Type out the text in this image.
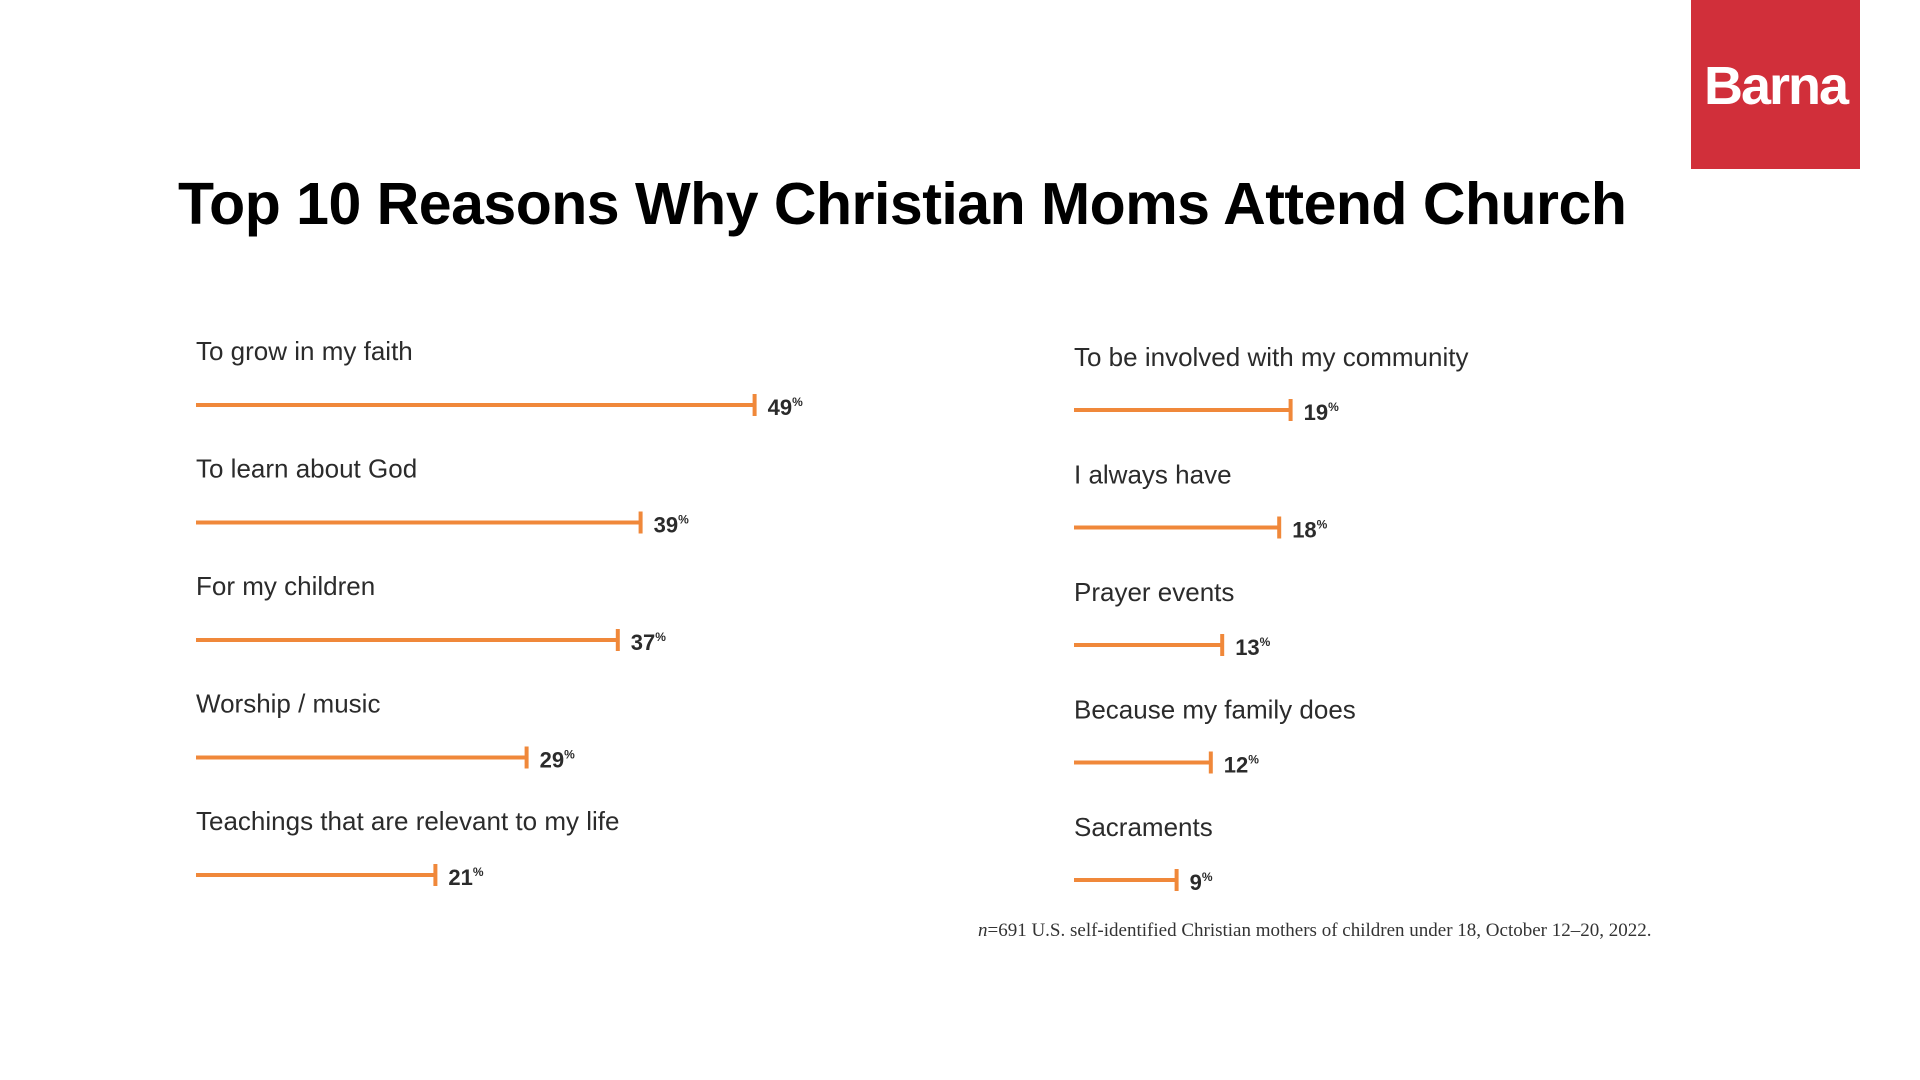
Barna
Top 10 Reasons Why Christian Moms Attend Church
To grow in my faith
49%
To learn about God
39%
For my children
37%
Worship / music
29%
Teachings that are relevant to my life
21%
To be involved with my community
19%
I always have
18%
Prayer events
13%
Because my family does
12%
Sacraments
9%
n=691 U.S. self-identified Christian mothers of children under 18, October 12–20, 2022.
